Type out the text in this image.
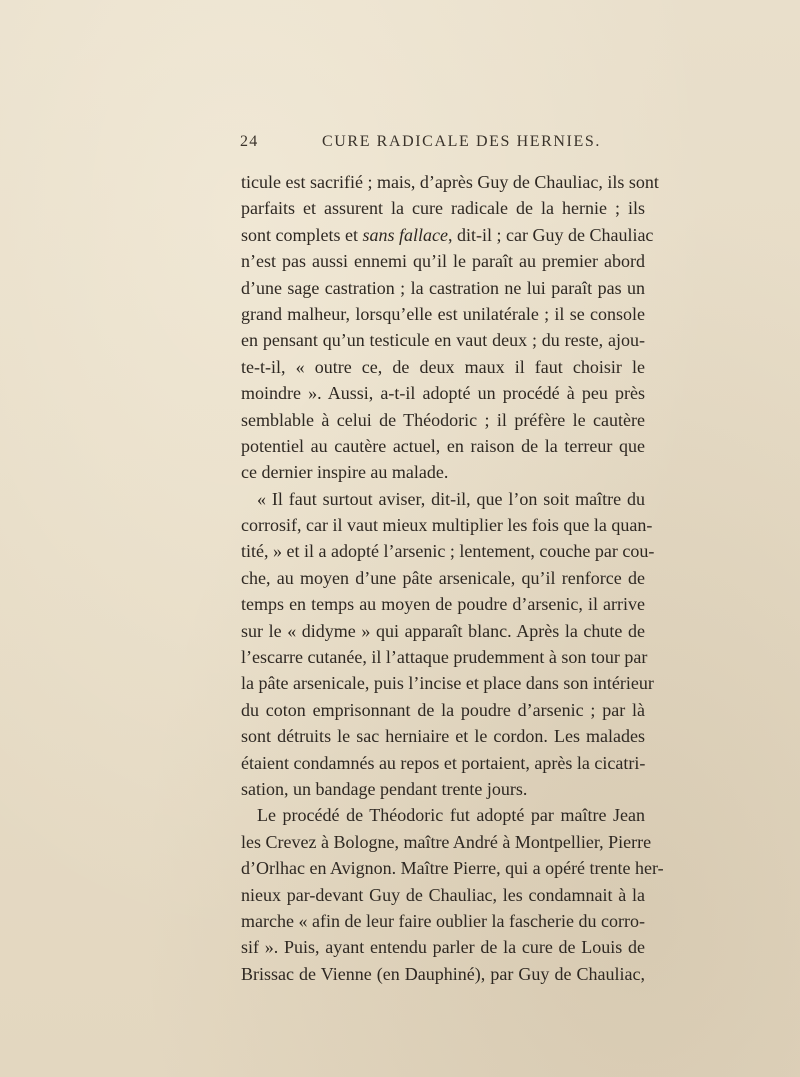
24	CURE RADICALE DES HERNIES.
ticule est sacrifié ; mais, d’après Guy de Chauliac, ils sont
parfaits et assurent la cure radicale de la hernie ; ils
sont complets et sans fallace, dit-il ; car Guy de Chauliac
n’est pas aussi ennemi qu’il le paraît au premier abord
d’une sage castration ; la castration ne lui paraît pas un
grand malheur, lorsqu’elle est unilatérale ; il se console
en pensant qu’un testicule en vaut deux ; du reste, ajou-
te-t-il, « outre ce, de deux maux il faut choisir le
moindre ». Aussi, a-t-il adopté un procédé à peu près
semblable à celui de Théodoric ; il préfère le cautère
potentiel au cautère actuel, en raison de la terreur que
ce dernier inspire au malade.
« Il faut surtout aviser, dit-il, que l’on soit maître du
corrosif, car il vaut mieux multiplier les fois que la quan-
tité, » et il a adopté l’arsenic ; lentement, couche par cou-
che, au moyen d’une pâte arsenicale, qu’il renforce de
temps en temps au moyen de poudre d’arsenic, il arrive
sur le « didyme » qui apparaît blanc. Après la chute de
l’escarre cutanée, il l’attaque prudemment à son tour par
la pâte arsenicale, puis l’incise et place dans son intérieur
du coton emprisonnant de la poudre d’arsenic ; par là
sont détruits le sac herniaire et le cordon. Les malades
étaient condamnés au repos et portaient, après la cicatri-
sation, un bandage pendant trente jours.
Le procédé de Théodoric fut adopté par maître Jean
les Crevez à Bologne, maître André à Montpellier, Pierre
d’Orlhac en Avignon. Maître Pierre, qui a opéré trente her-
nieux par-devant Guy de Chauliac, les condamnait à la
marche « afin de leur faire oublier la fascherie du corro-
sif ». Puis, ayant entendu parler de la cure de Louis de
Brissac de Vienne (en Dauphiné), par Guy de Chauliac,
